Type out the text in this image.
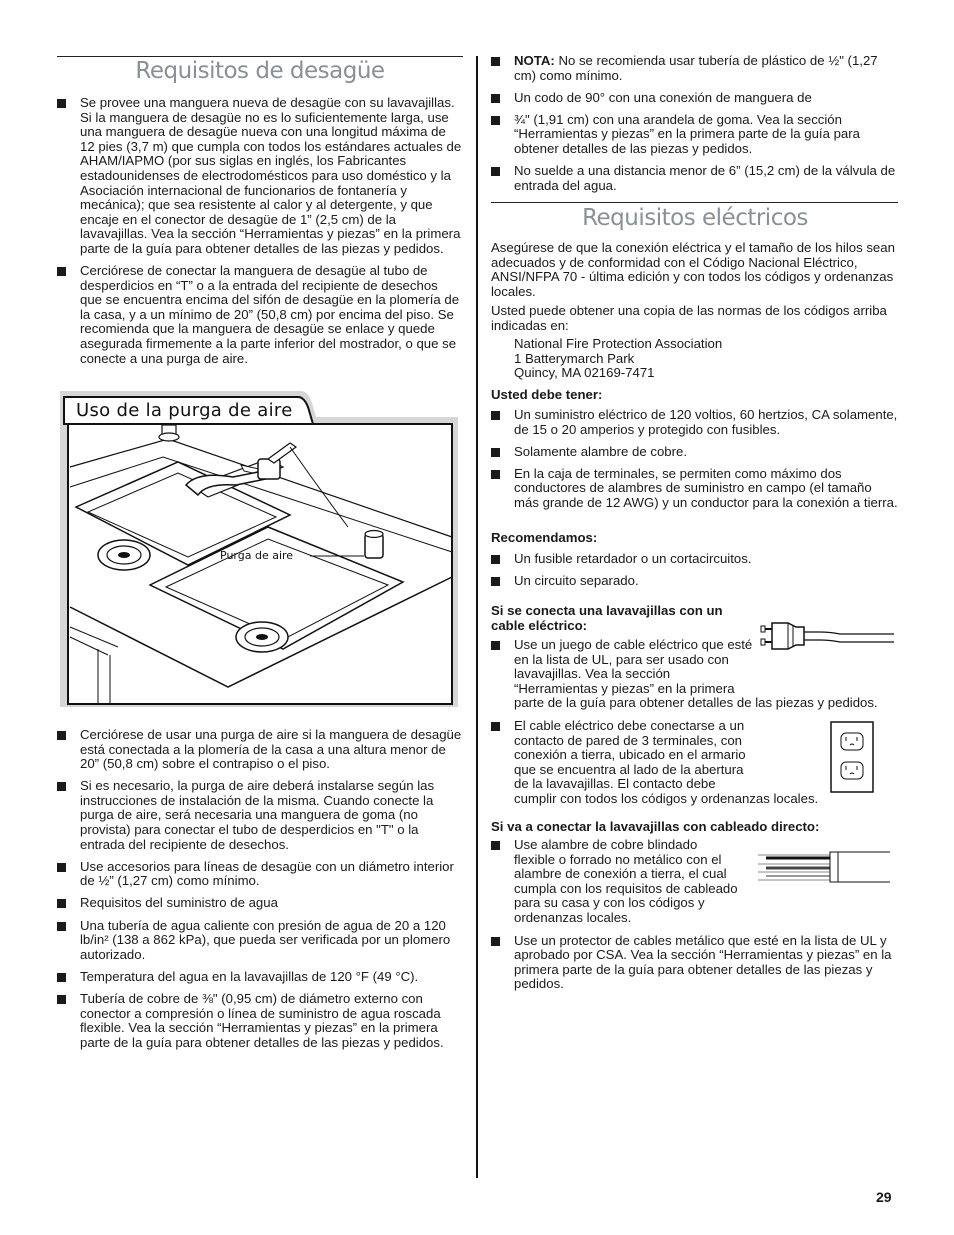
Requisitos de desagüe
Se provee una manguera nueva de desagüe con su lavavajillas. Si la manguera de desagüe no es lo suficientemente larga, use una manguera de desagüe nueva con una longitud máxima de 12 pies (3,7 m) que cumpla con todos los estándares actuales de AHAM/IAPMO (por sus siglas en inglés, los Fabricantes estadounidenses de electrodomésticos para uso doméstico y la Asociación internacional de funcionarios de fontanería y mecánica); que sea resistente al calor y al detergente, y que encaje en el conector de desagüe de 1” (2,5 cm) de la lavavajillas. Vea la sección “Herramientas y piezas” en la primera parte de la guía para obtener detalles de las piezas y pedidos.
Cerciórese de conectar la manguera de desagüe al tubo de desperdicios en “T” o a la entrada del recipiente de desechos que se encuentra encima del sifón de desagüe en la plomería de la casa, y a un mínimo de 20” (50,8 cm) por encima del piso. Se recomienda que la manguera de desagüe se enlace y quede asegurada firmemente a la parte inferior del mostrador, o que se conecte a una purga de aire.
Cerciórese de usar una purga de aire si la manguera de desagüe está conectada a la plomería de la casa a una altura menor de 20” (50,8 cm) sobre el contrapiso o el piso.
Si es necesario, la purga de aire deberá instalarse según las instrucciones de instalación de la misma. Cuando conecte la purga de aire, será necesaria una manguera de goma (no provista) para conectar el tubo de desperdicios en "T" o la entrada del recipiente de desechos.
Use accesorios para líneas de desagüe con un diámetro interior de ½” (1,27 cm) como mínimo.
Requisitos del suministro de agua
Una tubería de agua caliente con presión de agua de 20 a 120 lb/in² (138 a 862 kPa), que pueda ser verificada por un plomero autorizado.
Temperatura del agua en la lavavajillas de 120 °F (49 °C).
Tubería de cobre de ⅜" (0,95 cm) de diámetro externo con conector a compresión o línea de suministro de agua roscada flexible. Vea la sección “Herramientas y piezas” en la primera parte de la guía para obtener detalles de las piezas y pedidos.
Uso de la purga de aire
Purga de aire
NOTA: No se recomienda usar tubería de plástico de ½" (1,27 cm) como mínimo.
Un codo de 90° con una conexión de manguera de
¾" (1,91 cm) con una arandela de goma. Vea la sección “Herramientas y piezas” en la primera parte de la guía para obtener detalles de las piezas y pedidos.
No suelde a una distancia menor de 6” (15,2 cm) de la válvula de entrada del agua.
Requisitos eléctricos

Asegúrese de que la conexión eléctrica y el tamaño de los hilos sean adecuados y de conformidad con el Código Nacional Eléctrico, ANSI/NFPA 70 - última edición y con todos los códigos y ordenanzas locales.

Usted puede obtener una copia de las normas de los códigos arriba indicadas en:

National Fire Protection Association
1 Batterymarch Park
Quincy, MA 02169-7471

Usted debe tener:

Un suministro eléctrico de 120 voltios, 60 hertzios, CA solamente, de 15 o 20 amperios y protegido con fusibles.
Solamente alambre de cobre.
En la caja de terminales, se permiten como máximo dos conductores de alambres de suministro en campo (el tamaño más grande de 12 AWG) y un conductor para la conexión a tierra.

Recomendamos:

Un fusible retardador o un cortacircuitos.
Un circuito separado.

Si se conecta una lavavajillas con un cable eléctrico:

Use un juego de cable eléctrico que esté en la lista de UL, para ser usado con lavavajillas. Vea la sección “Herramientas y piezas” en la primera parte de la guía para obtener detalles de las piezas y pedidos.
El cable eléctrico debe conectarse a un contacto de pared de 3 terminales, con conexión a tierra, ubicado en el armario que se encuentra al lado de la abertura de la lavavajillas. El contacto debe cumplir con todos los códigos y ordenanzas locales.

Si va a conectar la lavavajillas con cableado directo:

Use alambre de cobre blindado flexible o forrado no metálico con el alambre de conexión a tierra, el cual cumpla con los requisitos de cableado para su casa y con los códigos y ordenanzas locales.
Use un protector de cables metálico que esté en la lista de UL y aprobado por CSA. Vea la sección “Herramientas y piezas” en la primera parte de la guía para obtener detalles de las piezas y pedidos.
29
